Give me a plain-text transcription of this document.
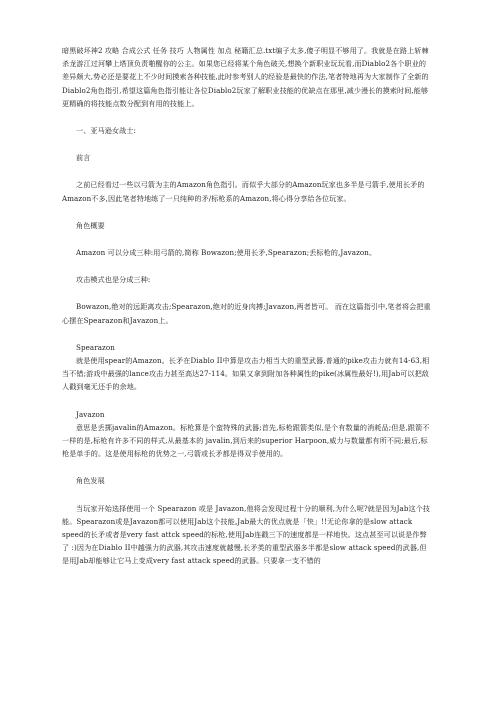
暗黑破坏神2 攻略 合成公式 任务 技巧 人物属性 加点 秘籍汇总.txt编子太多,傻子明显不够用了。我就是在路上斩棘杀龙游江过河攀上塔顶负责啪醒你的公主。如果您已经将某个角色破关,想换个新职业玩玩看,而Diablo2各个职业的差异颇大,势必还是要花上不少时间摸索各种技能,此时参考别人的经验是最快的作法,笔者特地再为大家制作了全新的Diablo2角色指引,希望这篇角色指引能让各位Diablo2玩家了解职业技能的优缺点在那里,减少漫长的摸索时间,能够更精确的将技能点数分配到有用的技能上。

一、亚马逊女战士:

前言

之前已经看过一些以弓箭为主的Amazon角色指引。而似乎大部分的Amazon玩家也多半是弓箭手,使用长矛的Amazon不多,因此笔者特地练了一只纯种的矛/标枪系的Amazon,将心得分享给各位玩家。

角色概要

Amazon 可以分成三种:用弓箭的,简称 Bowazon;使用长矛,Spearazon;丢标枪的,Javazon。

攻击模式也是分成三种:

Bowazon,绝对的远距离攻击;Spearazon,绝对的近身肉搏;Javazon,两者皆可。 而在这篇指引中,笔者将会把重心摆在Spearazon和Javazon上。

Spearazon

就是使用spear的Amazon。长矛在Diablo II中算是攻击力相当大的重型武器,普通的pike攻击力就有14-63,相当不错;游戏中最强的lance攻击力甚至高达27-114。如果又拿到附加各种属性的pike(冰属性最好!),用Jab可以把敌人戳到毫无还手的余地。

Javazon

意思是丢掷javalin的Amazon。标枪算是个蛮特殊的武器;首先,标枪跟箭类似,是个有数量的消耗品;但是,跟箭不一样的是,标枪有许多不同的样式,从最基本的 javalin,到后来的superior Harpoon,威力与数量都有所不同;最后,标枪是单手的。这是使用标枪的优势之一,弓箭或长矛都是得双手使用的。

角色发展

当玩家开始选择使用一个 Spearazon 或是 Javazon,他将会发现过程十分的顺利,为什么呢?就是因为Jab这个技能。Spearazon或是Javazon都可以使用Jab这个技能,Jab最大的优点就是「快」!!无论你拿的是slow attack speed的长矛或者是very fast attck speed的标枪,使用Jab连戳三下的速度都是一样地快。这点甚至可以说是作弊了 :)因为在Diablo II中越强力的武器,其攻击速度就越慢,长矛类的重型武器多半都是slow attack speed的武器,但是用Jab却能够让它马上变成very fast attack speed的武器。只要拿一支不错的
